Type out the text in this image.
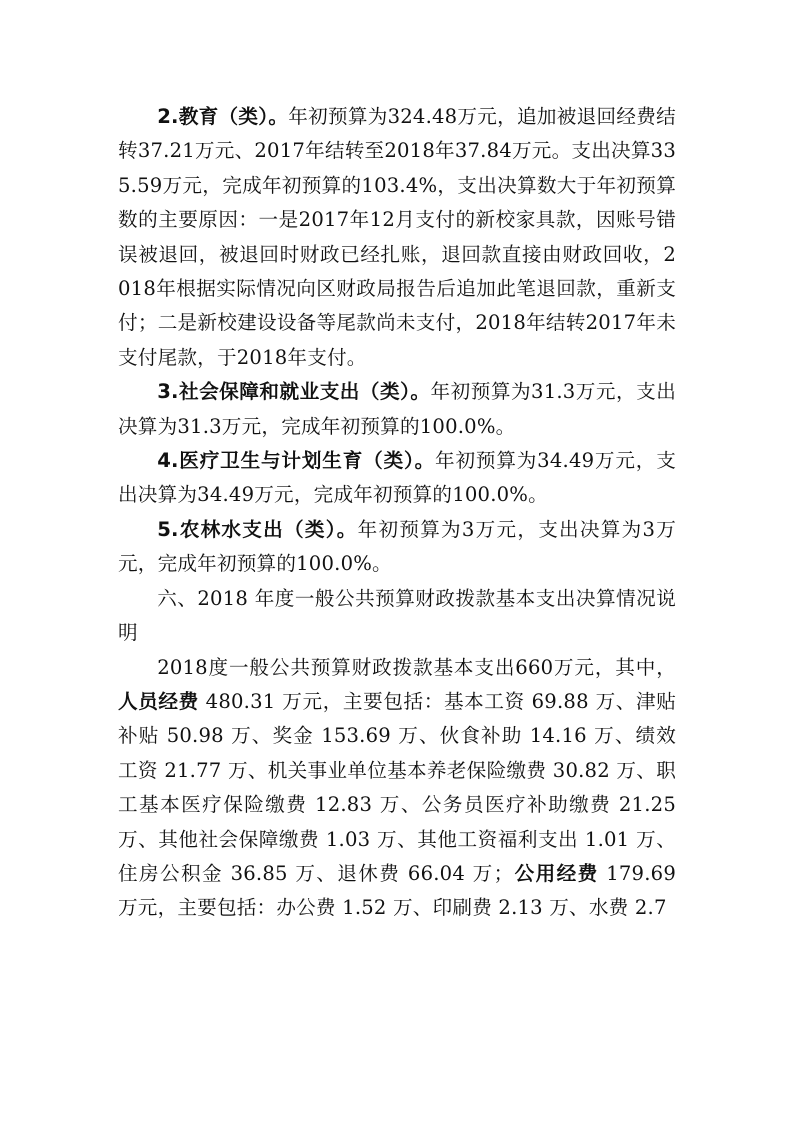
2.教育（类）。年初预算为324.48万元，追加被退回经费结转37.21万元、2017年结转至2018年37.84万元。支出决算335.59万元，完成年初预算的103.4%，支出决算数大于年初预算数的主要原因：一是2017年12月支付的新校家具款，因账号错误被退回，被退回时财政已经扎账，退回款直接由财政回收，2018年根据实际情况向区财政局报告后追加此笔退回款，重新支付；二是新校建设设备等尾款尚未支付，2018年结转2017年未支付尾款，于2018年支付。

3.社会保障和就业支出（类）。年初预算为31.3万元，支出决算为31.3万元，完成年初预算的100.0%。

4.医疗卫生与计划生育（类）。年初预算为34.49万元，支出决算为34.49万元，完成年初预算的100.0%。

5.农林水支出（类）。年初预算为3万元，支出决算为3万元，完成年初预算的100.0%。

六、2018 年度一般公共预算财政拨款基本支出决算情况说明

2018度一般公共预算财政拨款基本支出660万元，其中，人员经费 480.31 万元，主要包括：基本工资 69.88 万、津贴补贴 50.98 万、奖金 153.69 万、伙食补助 14.16 万、绩效工资 21.77 万、机关事业单位基本养老保险缴费 30.82 万、职工基本医疗保险缴费 12.83 万、公务员医疗补助缴费 21.25 万、其他社会保障缴费 1.03 万、其他工资福利支出 1.01 万、住房公积金 36.85 万、退休费 66.04 万；公用经费 179.69 万元，主要包括：办公费 1.52 万、印刷费 2.13 万、水费 2.7
